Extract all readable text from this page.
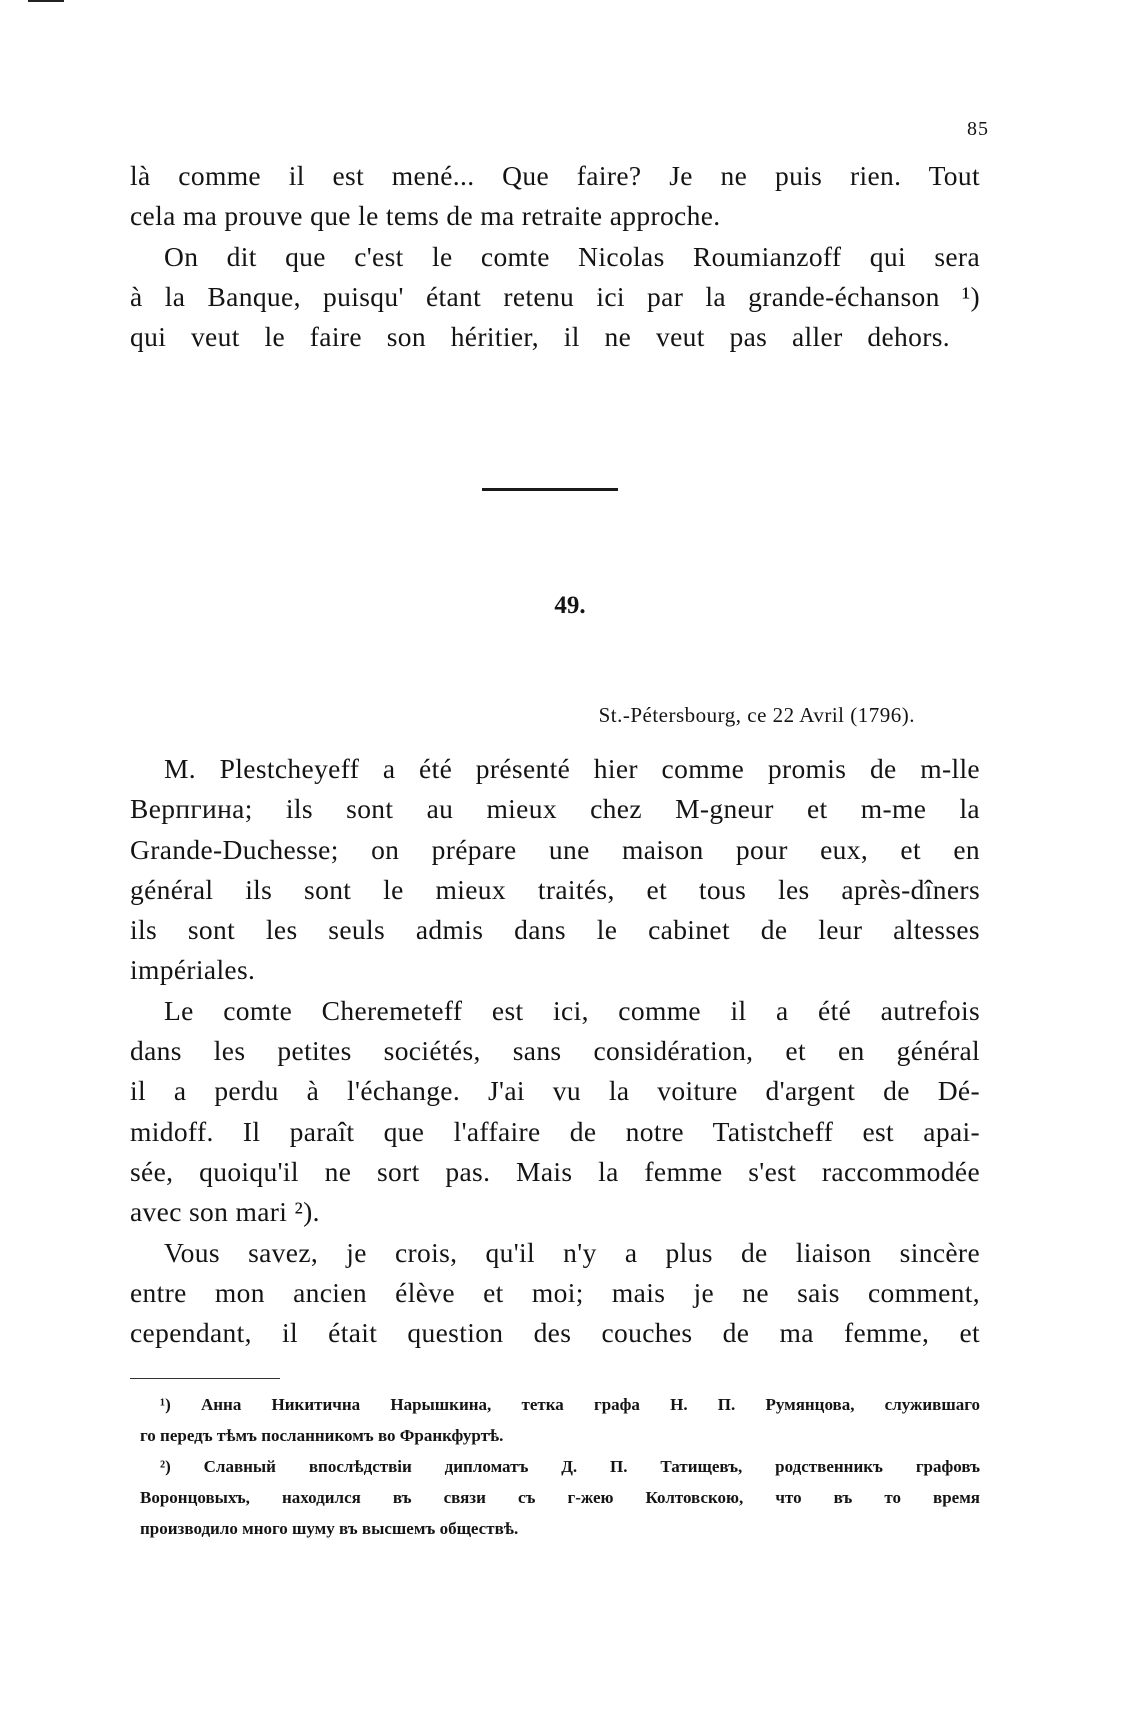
85
là comme il est mené... Que faire? Je ne puis rien. Tout
cela ma prouve que le tems de ma retraite approche.
On dit que c'est le comte Nicolas Roumianzoff qui sera
à la Banque, puisqu' étant retenu ici par la grande-échanson ¹)
qui veut le faire son héritier, il ne veut pas aller dehors.
49.
St.-Pétersbourg, ce 22 Avril (1796).
M. Plestcheyeff a été présenté hier comme promis de m-lle
Верпгина; ils sont au mieux chez M-gneur et m-me la
Grande-Duchesse; on prépare une maison pour eux, et en
général ils sont le mieux traités, et tous les après-dîners
ils sont les seuls admis dans le cabinet de leur altesses
impériales.
Le comte Cheremeteff est ici, comme il a été autrefois
dans les petites sociétés, sans considération, et en général
il a perdu à l'échange. J'ai vu la voiture d'argent de Dé-
midoff. Il paraît que l'affaire de notre Tatistcheff est apai-
sée, quoiqu'il ne sort pas. Mais la femme s'est raccommodée
avec son mari ²).
Vous savez, je crois, qu'il n'y a plus de liaison sincère
entre mon ancien élève et moi; mais je ne sais comment,
cependant, il était question des couches de ma femme, et
¹) Анна Никитична Нарышкина, тетка графа Н. П. Румянцова, служившаго
го передъ тѣмъ посланникомъ во Франкфуртѣ.
²) Славный впослѣдствіи дипломатъ Д. П. Татищевъ, родственникъ графовъ
Воронцовыхъ, находился въ связи съ г-жею Колтовскою, что въ то время
производило много шуму въ высшемъ обществѣ.
